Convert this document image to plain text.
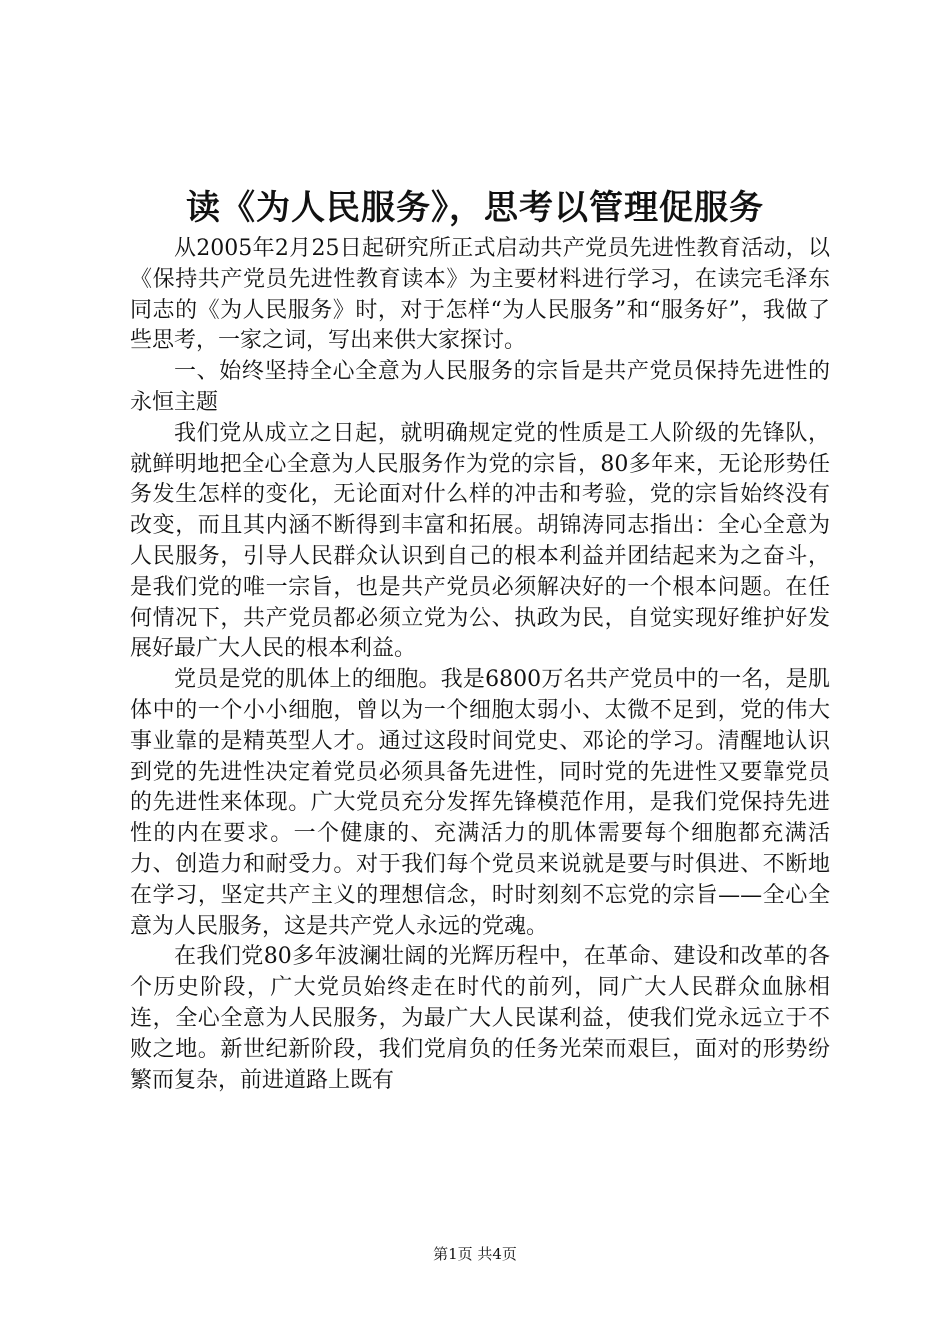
读《为人民服务》，思考以管理促服务

从2005年2月25日起研究所正式启动共产党员先进性教育活动，以《保持共产党员先进性教育读本》为主要材料进行学习，在读完毛泽东同志的《为人民服务》时，对于怎样“为人民服务”和“服务好”，我做了些思考，一家之词，写出来供大家探讨。

一、始终坚持全心全意为人民服务的宗旨是共产党员保持先进性的永恒主题

我们党从成立之日起，就明确规定党的性质是工人阶级的先锋队，就鲜明地把全心全意为人民服务作为党的宗旨，80多年来，无论形势任务发生怎样的变化，无论面对什么样的冲击和考验，党的宗旨始终没有改变，而且其内涵不断得到丰富和拓展。胡锦涛同志指出：全心全意为人民服务，引导人民群众认识到自己的根本利益并团结起来为之奋斗，是我们党的唯一宗旨，也是共产党员必须解决好的一个根本问题。在任何情况下，共产党员都必须立党为公、执政为民，自觉实现好维护好发展好最广大人民的根本利益。

党员是党的肌体上的细胞。我是6800万名共产党员中的一名，是肌体中的一个小小细胞，曾以为一个细胞太弱小、太微不足到，党的伟大事业靠的是精英型人才。通过这段时间党史、邓论的学习。清醒地认识到党的先进性决定着党员必须具备先进性，同时党的先进性又要靠党员的先进性来体现。广大党员充分发挥先锋模范作用，是我们党保持先进性的内在要求。一个健康的、充满活力的肌体需要每个细胞都充满活力、创造力和耐受力。对于我们每个党员来说就是要与时俱进、不断地在学习，坚定共产主义的理想信念，时时刻刻不忘党的宗旨——全心全意为人民服务，这是共产党人永远的党魂。

在我们党80多年波澜壮阔的光辉历程中，在革命、建设和改革的各个历史阶段，广大党员始终走在时代的前列，同广大人民群众血脉相连，全心全意为人民服务，为最广大人民谋利益，使我们党永远立于不败之地。新世纪新阶段，我们党肩负的任务光荣而艰巨，面对的形势纷繁而复杂，前进道路上既有

第1页 共4页
